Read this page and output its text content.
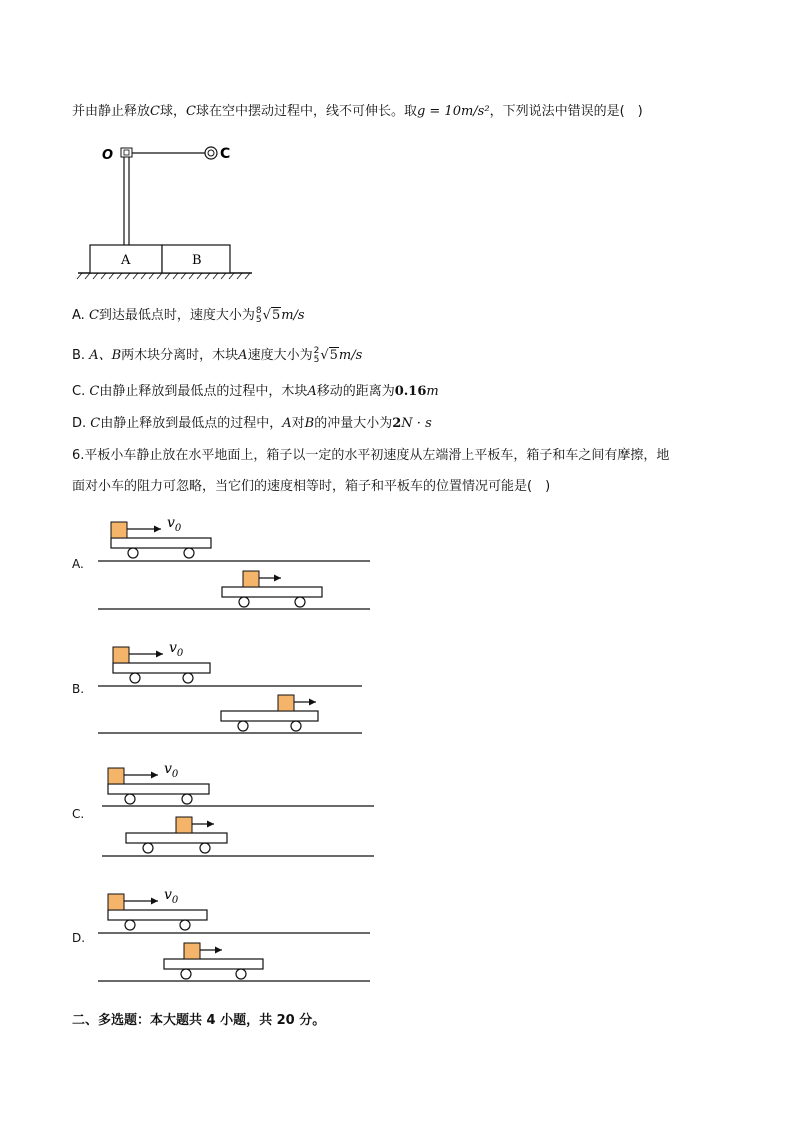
并由静止释放C球，C球在空中摆动过程中，线不可伸长。取g = 10m/s²，下列说法中错误的是(　)
A	B
O	C
A. C到达最低点时，速度大小为 8
5 √5m/s
B. A、B两木块分离时，木块A速度大小为 2
5 √5m/s
C. C由静止释放到最低点的过程中，木块A移动的距离为0.16m
D. C由静止释放到最低点的过程中，A对B的冲量大小为2N · s
6.平板小车静止放在水平地面上，箱子以一定的水平初速度从左端滑上平板车，箱子和车之间有摩擦，地
面对小车的阻力可忽略，当它们的速度相等时，箱子和平板车的位置情况可能是(　)
A.
B.
C.
D.
$v_0$
$v_0$
$v_0$
$v_0$
二、多选题：本大题共 4 小题，共 20 分。
